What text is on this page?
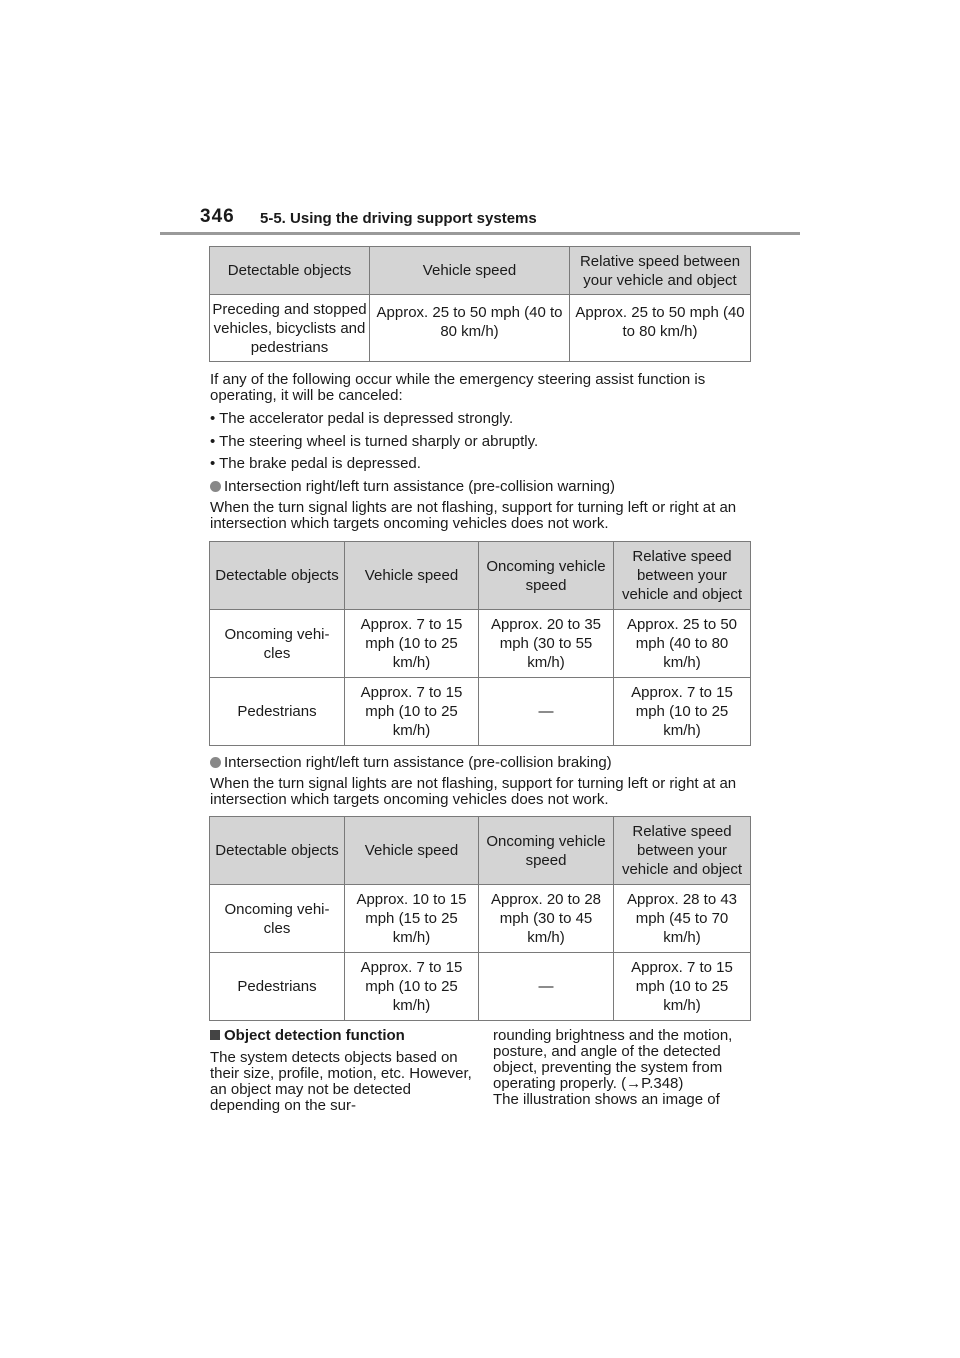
346 5-5. Using the driving support systems
Detectable objects	Vehicle speed	Relative speed between your vehicle and object
Preceding and stopped vehicles, bicyclists and pedestrians	Approx. 25 to 50 mph (40 to 80 km/h)	Approx. 25 to 50 mph (40 to 80 km/h)
If any of the following occur while the emergency steering assist function is operating, it will be canceled:
• The accelerator pedal is depressed strongly.
• The steering wheel is turned sharply or abruptly.
• The brake pedal is depressed.
Intersection right/left turn assistance (pre-collision warning)
When the turn signal lights are not flashing, support for turning left or right at an intersection which targets oncoming vehicles does not work.
Detectable objects	Vehicle speed	Oncoming vehicle speed	Relative speed between your vehicle and object
Oncoming vehi-cles	Approx. 7 to 15 mph (10 to 25 km/h)	Approx. 20 to 35 mph (30 to 55 km/h)	Approx. 25 to 50 mph (40 to 80 km/h)
Pedestrians	Approx. 7 to 15 mph (10 to 25 km/h)	—	Approx. 7 to 15 mph (10 to 25 km/h)
Intersection right/left turn assistance (pre-collision braking)
When the turn signal lights are not flashing, support for turning left or right at an intersection which targets oncoming vehicles does not work.
Detectable objects	Vehicle speed	Oncoming vehicle speed	Relative speed between your vehicle and object
Oncoming vehi-cles	Approx. 10 to 15 mph (15 to 25 km/h)	Approx. 20 to 28 mph (30 to 45 km/h)	Approx. 28 to 43 mph (45 to 70 km/h)
Pedestrians	Approx. 7 to 15 mph (10 to 25 km/h)	—	Approx. 7 to 15 mph (10 to 25 km/h)

Object detection function

The system detects objects based on their size, profile, motion, etc. However, an object may not be detected depending on the sur-

rounding brightness and the motion, posture, and angle of the detected object, preventing the system from operating properly. (→P.348)

The illustration shows an image of
